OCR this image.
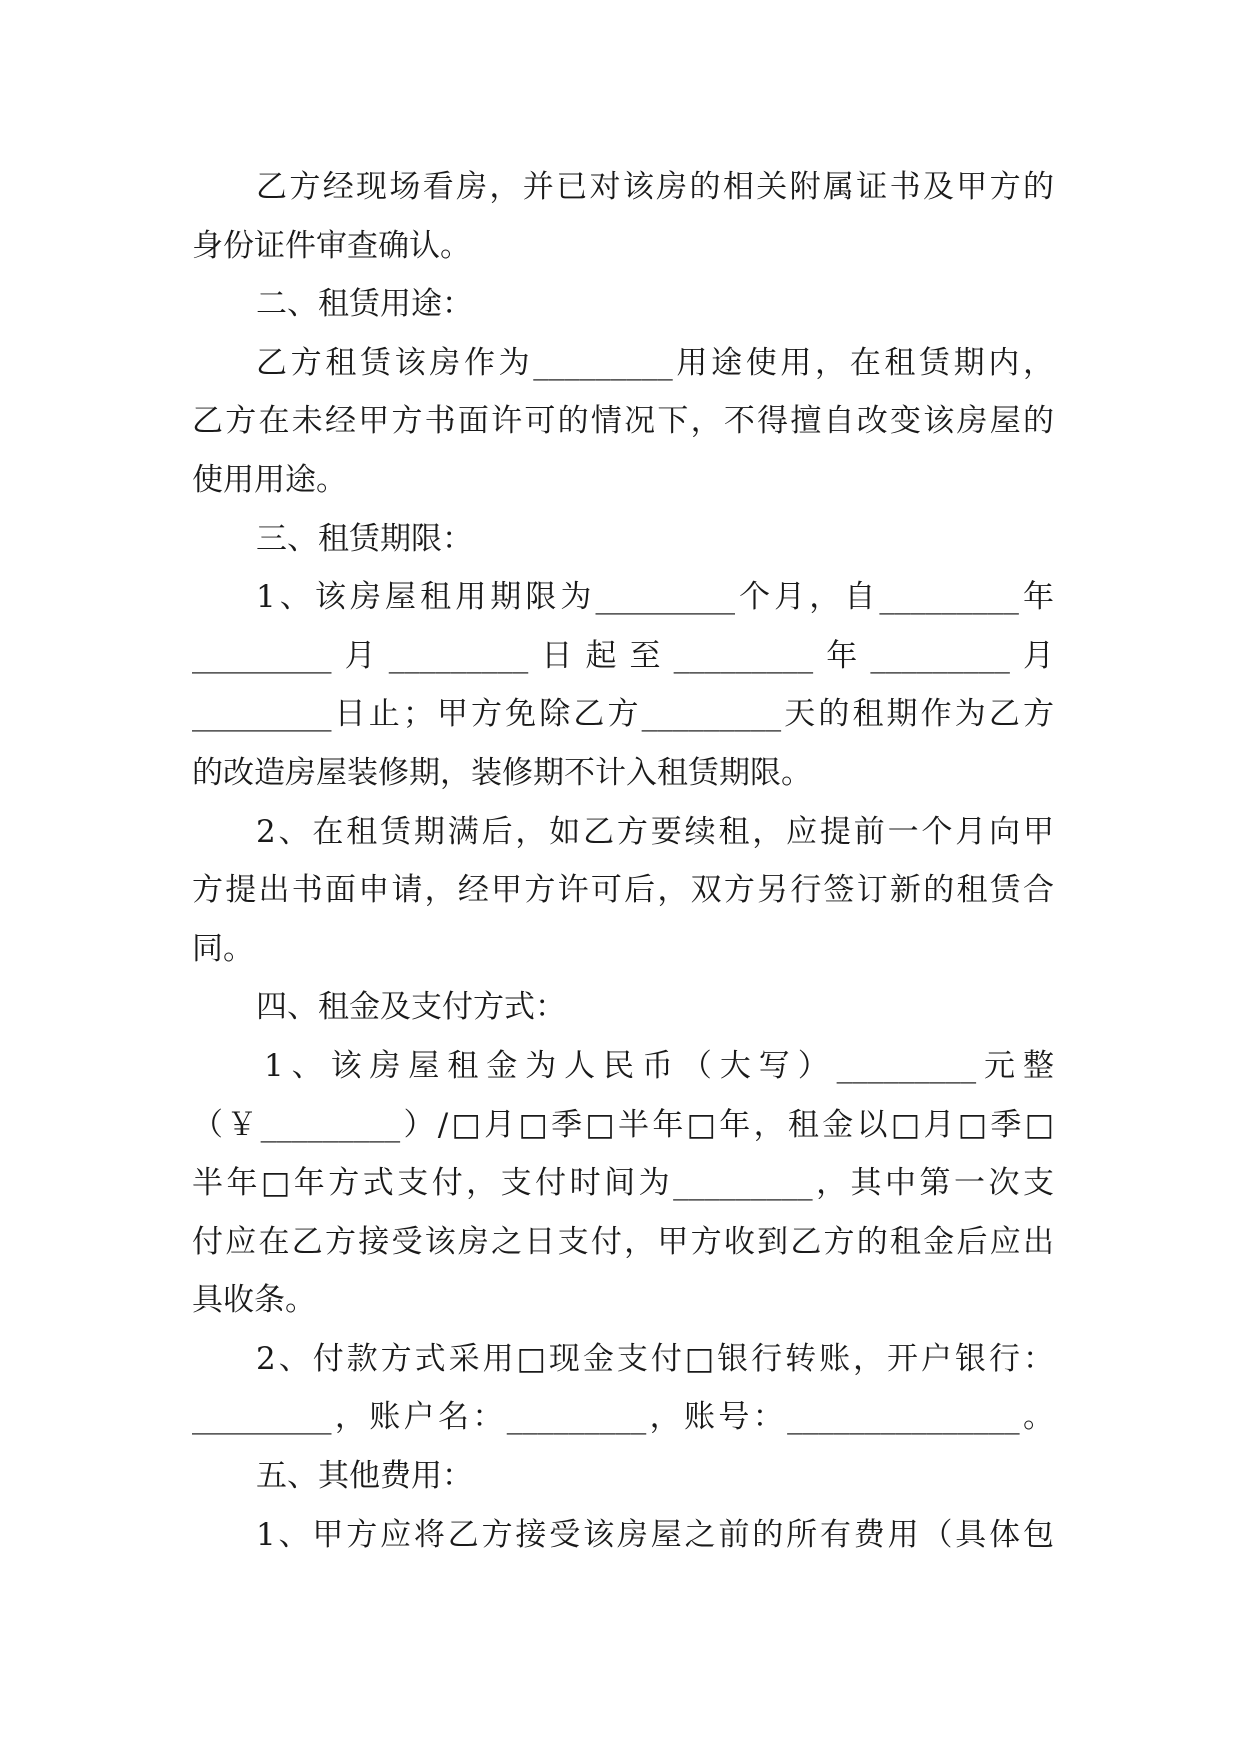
乙方经现场看房，并已对该房的相关附属证书及甲方的
身份证件审查确认。
二、租赁用途：
乙方租赁该房作为_________用途使用，在租赁期内，
乙方在未经甲方书面许可的情况下，不得擅自改变该房屋的
使用用途。
三、租赁期限：
1、该房屋租用期限为_________个月，自_________年
_________月_________日起至_________年_________月
_________日止；甲方免除乙方_________天的租期作为乙方
的改造房屋装修期，装修期不计入租赁期限。
2、在租赁期满后，如乙方要续租，应提前一个月向甲
方提出书面申请，经甲方许可后，双方另行签订新的租赁合
同。
四、租金及支付方式：
1、该房屋租金为人民币（大写）_________元整
（￥_________）/□月□季□半年□年，租金以□月□季□
半年□年方式支付，支付时间为_________，其中第一次支
付应在乙方接受该房之日支付，甲方收到乙方的租金后应出
具收条。
2、付款方式采用□现金支付□银行转账，开户银行：
_________，账户名：_________，账号：_______________。
五、其他费用：
1、甲方应将乙方接受该房屋之前的所有费用（具体包
